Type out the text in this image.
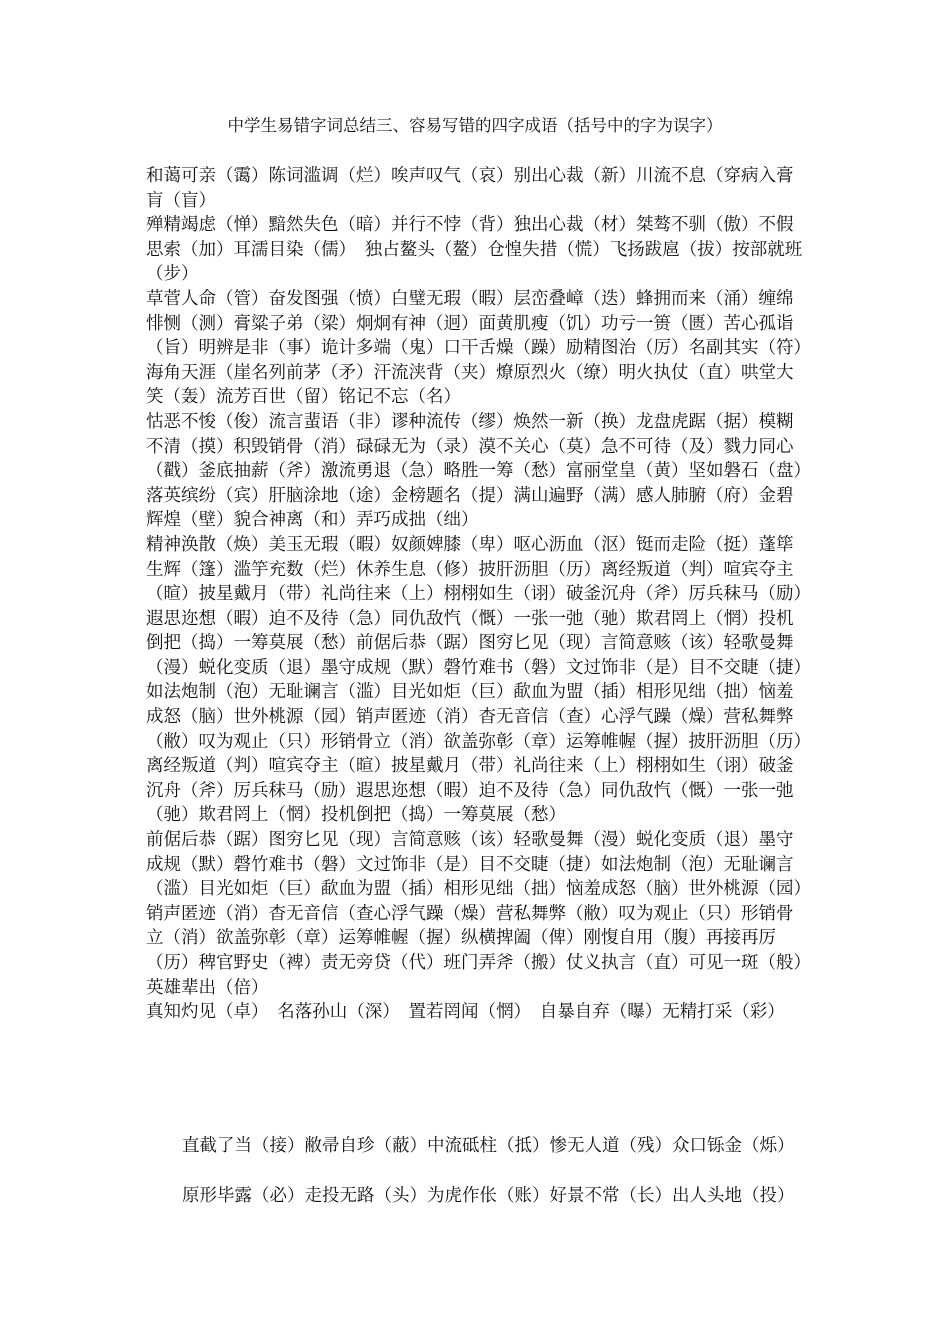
中学生易错字词总结三、容易写错的四字成语（括号中的字为误字）

和蔼可亲（霭）陈词滥调（烂）唉声叹气（哀）别出心裁（新）川流不息（穿病入膏肓（盲）

殚精竭虑（惮）黯然失色（暗）并行不悖（背）独出心裁（材）桀骜不驯（傲）不假思索（加）耳濡目染（儒）　独占鳌头（鳌）仓惶失措（慌）飞扬跋扈（拔）按部就班（步）

草菅人命（管）奋发图强（愤）白璧无瑕（暇）层峦叠嶂（迭）蜂拥而来（涌）缠绵悱恻（测）膏粱子弟（梁）炯炯有神（迥）面黄肌瘦（饥）功亏一篑（匮）苦心孤诣（旨）明辨是非（事）诡计多端（鬼）口干舌燥（躁）励精图治（厉）名副其实（符）海角天涯（崖名列前茅（矛）汗流浃背（夹）燎原烈火（缭）明火执仗（直）哄堂大笑（轰）流芳百世（留）铭记不忘（名）

怙恶不悛（俊）流言蜚语（非）谬种流传（缪）焕然一新（换）龙盘虎踞（据）模糊不清（摸）积毁销骨（消）碌碌无为（录）漠不关心（莫）急不可待（及）戮力同心（戳）釜底抽薪（斧）激流勇退（急）略胜一筹（愁）富丽堂皇（黄）坚如磐石（盘）落英缤纷（宾）肝脑涂地（途）金榜题名（提）满山遍野（满）感人肺腑（府）金碧辉煌（壁）貌合神离（和）弄巧成拙（绌）

精神涣散（焕）美玉无瑕（暇）奴颜婢膝（卑）呕心沥血（沤）铤而走险（挺）蓬筚生辉（篷）滥竽充数（烂）休养生息（修）披肝沥胆（历）离经叛道（判）喧宾夺主（暄）披星戴月（带）礼尚往来（上）栩栩如生（诩）破釜沉舟（斧）厉兵秣马（励）

遐思迩想（暇）迫不及待（急）同仇敌忾（慨）一张一弛（驰）欺君罔上（惘）投机倒把（捣）一筹莫展（愁）前倨后恭（踞）图穷匕见（现）言简意赅（该）轻歌曼舞（漫）蜕化变质（退）墨守成规（默）磬竹难书（磐）文过饰非（是）目不交睫（捷）如法炮制（泡）无耻谰言（滥）目光如炬（巨）歃血为盟（插）相形见绌（拙）恼羞成怒（脑）世外桃源（园）销声匿迹（消）杳无音信（查）心浮气躁（燥）营私舞弊（敝）叹为观止（只）形销骨立（消）欲盖弥彰（章）运筹帷幄（握）披肝沥胆（历）离经叛道（判）喧宾夺主（暄）披星戴月（带）礼尚往来（上）栩栩如生（诩）破釜沉舟（斧）厉兵秣马（励）遐思迩想（暇）迫不及待（急）同仇敌忾（慨）一张一弛（驰）欺君罔上（惘）投机倒把（捣）一筹莫展（愁）

前倨后恭（踞）图穷匕见（现）言简意赅（该）轻歌曼舞（漫）蜕化变质（退）墨守成规（默）磬竹难书（磐）文过饰非（是）目不交睫（捷）如法炮制（泡）无耻谰言（滥）目光如炬（巨）歃血为盟（插）相形见绌（拙）恼羞成怒（脑）世外桃源（园）销声匿迹（消）杳无音信（查心浮气躁（燥）营私舞弊（敝）叹为观止（只）形销骨立（消）欲盖弥彰（章）运筹帷幄（握）纵横捭阖（俾）刚愎自用（腹）再接再厉（历）稗官野史（裨）责无旁贷（代）班门弄斧（搬）仗义执言（直）可见一斑（般）英雄辈出（倍）

真知灼见（卓）　名落孙山（深）　置若罔闻（惘）　自暴自弃（曝）无精打采（彩）

直截了当（接）敝帚自珍（蔽）中流砥柱（抵）惨无人道（残）众口铄金（烁）

原形毕露（必）走投无路（头）为虎作伥（账）好景不常（长）出人头地（投）
